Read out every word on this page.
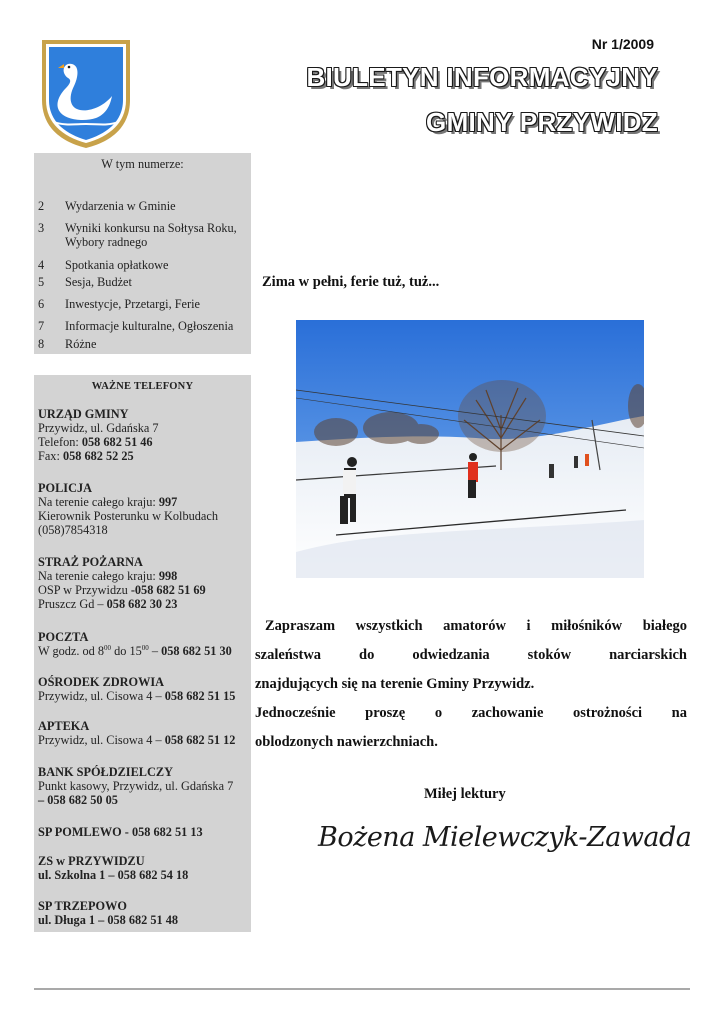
Nr 1/2009
BIULETYN INFORMACYJNY
GMINY PRZYWIDZ
W tym numerze:
2	Wydarzenia w Gminie
3	Wyniki konkursu na Sołtysa Roku, Wybory radnego
4	Spotkania opłatkowe
5	Sesja, Budżet
6	Inwestycje, Przetargi, Ferie
7	Informacje kulturalne, Ogłoszenia
8	Różne
WAŻNE TELEFONY
URZĄD GMINY
Przywidz, ul. Gdańska 7
Telefon: 058 682 51 46
Fax: 058 682 52 25
POLICJA
Na terenie całego kraju: 997
Kierownik Posterunku w Kolbudach
(058)7854318
STRAŻ POŻARNA
Na terenie całego kraju: 998
OSP w Przywidzu -058 682 51 69
Pruszcz Gd – 058 682 30 23
POCZTA
W godz. od $8^{00}$ do $15^{00} - 058$ 682 51 30
OŚRODEK ZDROWIA
Przywidz, ul. Cisowa 4 – 058 682 51 15
APTEKA
Przywidz, ul. Cisowa 4 – 058 682 51 12
BANK SPÓŁDZIELCZY
Punkt kasowy, Przywidz, ul. Gdańska 7
– 058 682 50 05
SP POMLEWO - 058 682 51 13
ZS w PRZYWIDZU
ul. Szkolna 1 – 058 682 54 18
SP TRZEPOWO
ul. Długa 1 – 058 682 51 48
Zima w pełni, ferie tuż, tuż...
Zapraszam wszystkich amatorów i miłośników białego
szaleństwa do odwiedzania stoków narciarskich
znajdujących się na terenie Gminy Przywidz.
Jednocześnie proszę o zachowanie ostrożności na
oblodzonych nawierzchniach.
Miłej lektury
Bożena Mielewczyk-Zawada
